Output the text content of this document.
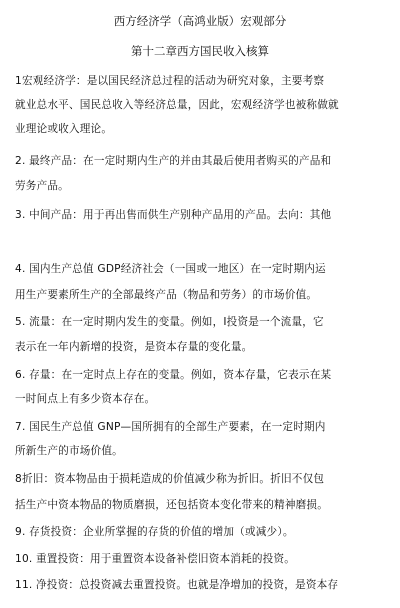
西方经济学（高鸿业版）宏观部分
第十二章西方国民收入核算
1宏观经济学：是以国民经济总过程的活动为研究对象，主要考察
就业总水平、国民总收入等经济总量，因此，宏观经济学也被称做就
业理论或收入理论。
2. 最终产品：在一定时期内生产的并由其最后使用者购买的产品和
劳务产品。
3. 中间产品：用于再出售而供生产别种产品用的产品。去向：其他
4. 国内生产总值 GDP经济社会（一国或一地区）在一定时期内运
用生产要素所生产的全部最终产品（物品和劳务）的市场价值。
5. 流量：在一定时期内发生的变量。例如，I投资是一个流量，它
表示在一年内新增的投资，是资本存量的变化量。
6. 存量：在一定时点上存在的变量。例如，资本存量，它表示在某
一时间点上有多少资本存在。
7. 国民生产总值 GNP—国所拥有的全部生产要素，在一定时期内
所新生产的市场价值。
8折旧：资本物品由于损耗造成的价值减少称为折旧。折旧不仅包
括生产中资本物品的物质磨损，还包括资本变化带来的精神磨损。
9. 存货投资：企业所掌握的存货的价值的增加（或减少）。
10. 重置投资：用于重置资本设备补偿旧资本消耗的投资。
11. 净投资：总投资减去重置投资。也就是净增加的投资，是资本存
